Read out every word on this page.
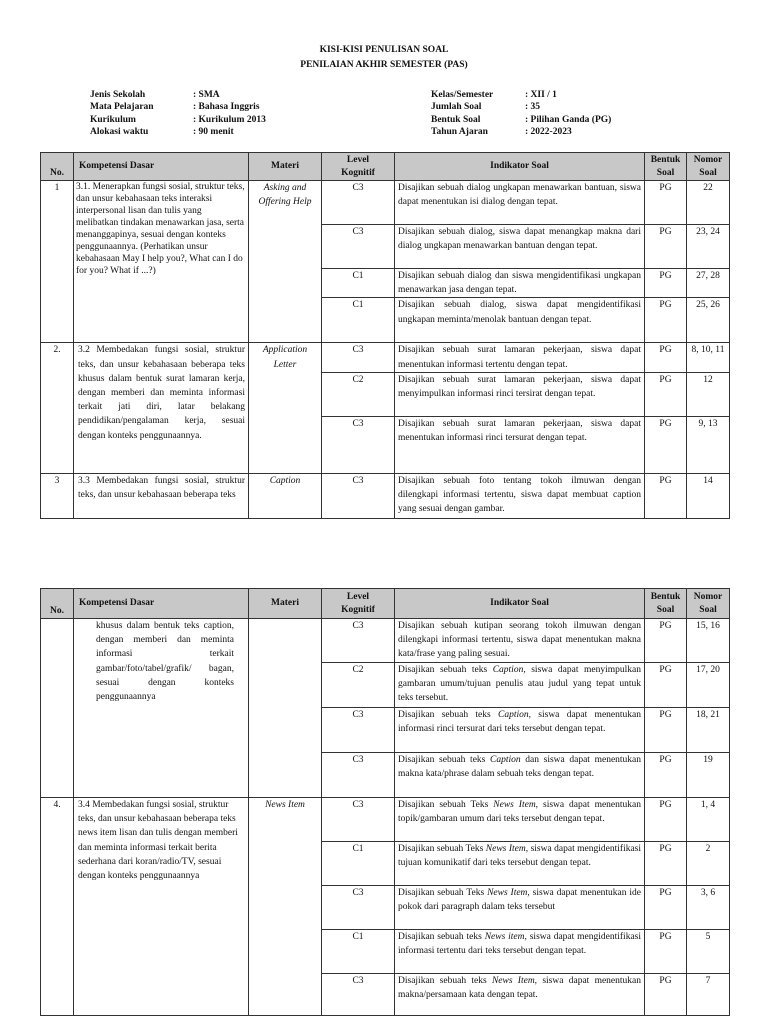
KISI-KISI PENULISAN SOAL
PENILAIAN AKHIR SEMESTER (PAS)
Jenis Sekolah	: SMA
Mata Pelajaran	: Bahasa Inggris
Kurikulum	: Kurikulum 2013
Alokasi waktu	: 90 menit
Kelas/Semester	: XII / 1
Jumlah Soal	: 35
Bentuk Soal	: Pilihan Ganda (PG)
Tahun Ajaran	: 2022-2023
No.	Kompetensi Dasar	Materi	Level
Kognitif	Indikator Soal	Bentuk
Soal	Nomor
Soal
1	3.1. Menerapkan fungsi sosial, struktur teks, dan unsur kebahasaan teks interaksi interpersonal lisan dan tulis yang melibatkan tindakan menawarkan jasa, serta menanggapinya, sesuai dengan konteks penggunaannya. (Perhatikan unsur kebahasaan May I help you?, What can I do for you? What if ...?)	Asking and Offering Help	C3	Disajikan sebuah dialog ungkapan menawarkan bantuan, siswa dapat menentukan isi dialog dengan tepat.	PG	22
			C3	Disajikan sebuah dialog, siswa dapat menangkap makna dari dialog ungkapan menawarkan bantuan dengan tepat.	PG	23, 24
			C1	Disajikan sebuah dialog dan siswa mengidentifikasi ungkapan menawarkan jasa dengan tepat.	PG	27, 28
			C1	Disajikan sebuah dialog, siswa dapat mengidentifikasi ungkapan meminta/menolak bantuan dengan tepat.	PG	25, 26
2.	3.2 Membedakan fungsi sosial, struktur teks, dan unsur kebahasaan beberapa teks khusus dalam bentuk surat lamaran kerja, dengan memberi dan meminta informasi terkait jati diri, latar belakang pendidikan/pengalaman kerja, sesuai dengan konteks penggunaannya.	Application Letter	C3	Disajikan sebuah surat lamaran pekerjaan, siswa dapat menentukan informasi tertentu dengan tepat.	PG	8, 10, 11
			C2	Disajikan sebuah surat lamaran pekerjaan, siswa dapat menyimpulkan informasi rinci tersirat dengan tepat.	PG	12
			C3	Disajikan sebuah surat lamaran pekerjaan, siswa dapat menentukan informasi rinci tersurat dengan tepat.	PG	9, 13
3	3.3 Membedakan fungsi sosial, struktur teks, dan unsur kebahasaan beberapa teks	Caption	C3	Disajikan sebuah foto tentang tokoh ilmuwan dengan dilengkapi informasi tertentu, siswa dapat membuat caption yang sesuai dengan gambar.	PG	14
No.	Kompetensi Dasar	Materi	Level
Kognitif	Indikator Soal	Bentuk
Soal	Nomor
Soal
	khusus dalam bentuk teks caption, dengan memberi dan meminta informasi terkait gambar/foto/tabel/grafik/ bagan, sesuai dengan konteks penggunaannya		C3	Disajikan sebuah kutipan seorang tokoh ilmuwan dengan dilengkapi informasi tertentu, siswa dapat menentukan makna kata/frase yang paling sesuai.	PG	15, 16
			C2	Disajikan sebuah teks Caption, siswa dapat menyimpulkan gambaran umum/tujuan penulis atau judul yang tepat untuk teks tersebut.	PG	17, 20
			C3	Disajikan sebuah teks Caption, siswa dapat menentukan informasi rinci tersurat dari teks tersebut dengan tepat.	PG	18, 21
			C3	Disajikan sebuah teks Caption dan siswa dapat menentukan makna kata/phrase dalam sebuah teks dengan tepat.	PG	19
4.	3.4 Membedakan fungsi sosial, struktur teks, dan unsur kebahasaan beberapa teks news item lisan dan tulis dengan memberi dan meminta informasi terkait berita sederhana dari koran/radio/TV, sesuai dengan konteks penggunaannya	News Item	C3	Disajikan sebuah Teks News Item, siswa dapat menentukan topik/gambaran umum dari teks tersebut dengan tepat.	PG	1, 4
			C1	Disajikan sebuah Teks News Item, siswa dapat mengidentifikasi tujuan komunikatif dari teks tersebut dengan tepat.	PG	2
			C3	Disajikan sebuah Teks News Item, siswa dapat menentukan ide pokok dari paragraph dalam teks tersebut	PG	3, 6
			C1	Disajikan sebuah teks News item, siswa dapat mengidentifikasi informasi tertentu dari teks tersebut dengan tepat.	PG	5
			C3	Disajikan sebuah teks News Item, siswa dapat menentukan makna/persamaan kata dengan tepat.	PG	7
